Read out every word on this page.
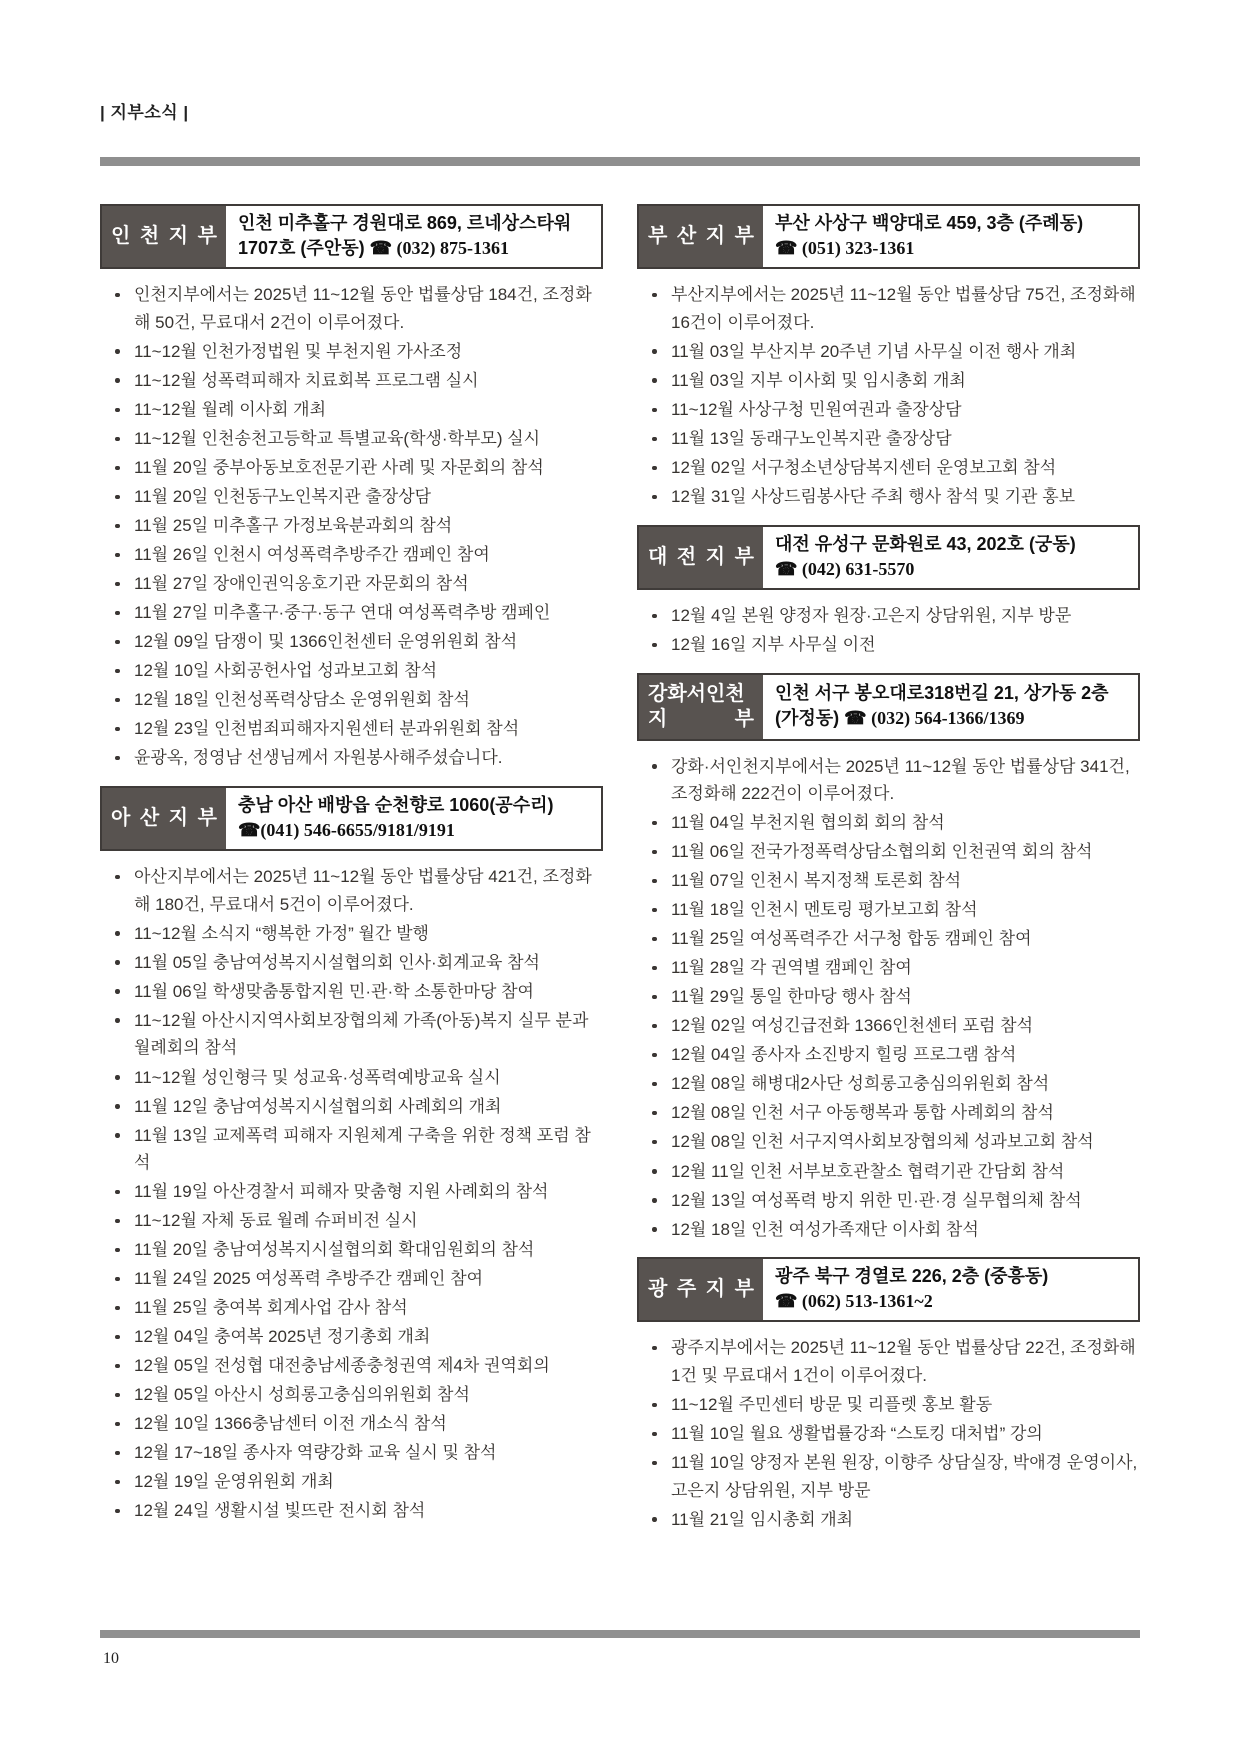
| 지부소식 |
인 천 지 부
인천 미추홀구 경원대로 869, 르네상스타워
1707호 (주안동) ☎ (032) 875-1361
인천지부에서는 2025년 11~12월 동안 법률상담 184건, 조정화해 50건, 무료대서 2건이 이루어졌다.
11~12월 인천가정법원 및 부천지원 가사조정
11~12월 성폭력피해자 치료회복 프로그램 실시
11~12월 월례 이사회 개최
11~12월 인천송천고등학교 특별교육(학생·학부모) 실시
11월 20일 중부아동보호전문기관 사례 및 자문회의 참석
11월 20일 인천동구노인복지관 출장상담
11월 25일 미추홀구 가정보육분과회의 참석
11월 26일 인천시 여성폭력추방주간 캠페인 참여
11월 27일 장애인권익옹호기관 자문회의 참석
11월 27일 미추홀구·중구·동구 연대 여성폭력추방 캠페인
12월 09일 담쟁이 및 1366인천센터 운영위원회 참석
12월 10일 사회공헌사업 성과보고회 참석
12월 18일 인천성폭력상담소 운영위원회 참석
12월 23일 인천범죄피해자지원센터 분과위원회 참석
윤광옥, 정영남 선생님께서 자원봉사해주셨습니다.
아 산 지 부
충남 아산 배방읍 순천향로 1060(공수리)
☎(041) 546-6655/9181/9191
아산지부에서는 2025년 11~12월 동안 법률상담 421건, 조정화해 180건, 무료대서 5건이 이루어졌다.
11~12월 소식지 “행복한 가정” 월간 발행
11월 05일 충남여성복지시설협의회 인사·회계교육 참석
11월 06일 학생맞춤통합지원 민·관·학 소통한마당 참여
11~12월 아산시지역사회보장협의체 가족(아동)복지 실무 분과 월례회의 참석
11~12월 성인형극 및 성교육·성폭력예방교육 실시
11월 12일 충남여성복지시설협의회 사례회의 개최
11월 13일 교제폭력 피해자 지원체계 구축을 위한 정책 포럼 참석
11월 19일 아산경찰서 피해자 맞춤형 지원 사례회의 참석
11~12월 자체 동료 월례 슈퍼비전 실시
11월 20일 충남여성복지시설협의회 확대임원회의 참석
11월 24일 2025 여성폭력 추방주간 캠페인 참여
11월 25일 충여복 회계사업 감사 참석
12월 04일 충여복 2025년 정기총회 개최
12월 05일 전성협 대전충남세종충청권역 제4차 권역회의
12월 05일 아산시 성희롱고충심의위원회 참석
12월 10일 1366충남센터 이전 개소식 참석
12월 17~18일 종사자 역량강화 교육 실시 및 참석
12월 19일 운영위원회 개최
12월 24일 생활시설 빛뜨란 전시회 참석
부 산 지 부
부산 사상구 백양대로 459, 3층 (주례동)
☎ (051) 323-1361
부산지부에서는 2025년 11~12월 동안 법률상담 75건, 조정화해 16건이 이루어졌다.
11월 03일 부산지부 20주년 기념 사무실 이전 행사 개최
11월 03일 지부 이사회 및 임시총회 개최
11~12월 사상구청 민원여권과 출장상담
11월 13일 동래구노인복지관 출장상담
12월 02일 서구청소년상담복지센터 운영보고회 참석
12월 31일 사상드림봉사단 주최 행사 참석 및 기관 홍보
대 전 지 부
대전 유성구 문화원로 43, 202호 (궁동)
☎ (042) 631-5570
12월 4일 본원 양정자 원장·고은지 상담위원, 지부 방문
12월 16일 지부 사무실 이전
강화서인천
지 부
인천 서구 봉오대로318번길 21, 상가동 2층
(가정동) ☎ (032) 564-1366/1369
강화·서인천지부에서는 2025년 11~12월 동안 법률상담 341건, 조정화해 222건이 이루어졌다.
11월 04일 부천지원 협의회 회의 참석
11월 06일 전국가정폭력상담소협의회 인천권역 회의 참석
11월 07일 인천시 복지정책 토론회 참석
11월 18일 인천시 멘토링 평가보고회 참석
11월 25일 여성폭력주간 서구청 합동 캠페인 참여
11월 28일 각 권역별 캠페인 참여
11월 29일 통일 한마당 행사 참석
12월 02일 여성긴급전화 1366인천센터 포럼 참석
12월 04일 종사자 소진방지 힐링 프로그램 참석
12월 08일 해병대2사단 성희롱고충심의위원회 참석
12월 08일 인천 서구 아동행복과 통합 사례회의 참석
12월 08일 인천 서구지역사회보장협의체 성과보고회 참석
12월 11일 인천 서부보호관찰소 협력기관 간담회 참석
12월 13일 여성폭력 방지 위한 민·관·경 실무협의체 참석
12월 18일 인천 여성가족재단 이사회 참석
광 주 지 부
광주 북구 경열로 226, 2층 (중흥동)
☎ (062) 513-1361~2
광주지부에서는 2025년 11~12월 동안 법률상담 22건, 조정화해 1건 및 무료대서 1건이 이루어졌다.
11~12월 주민센터 방문 및 리플렛 홍보 활동
11월 10일 월요 생활법률강좌 “스토킹 대처법” 강의
11월 10일 양정자 본원 원장, 이향주 상담실장, 박애경 운영이사, 고은지 상담위원, 지부 방문
11월 21일 임시총회 개최
10
